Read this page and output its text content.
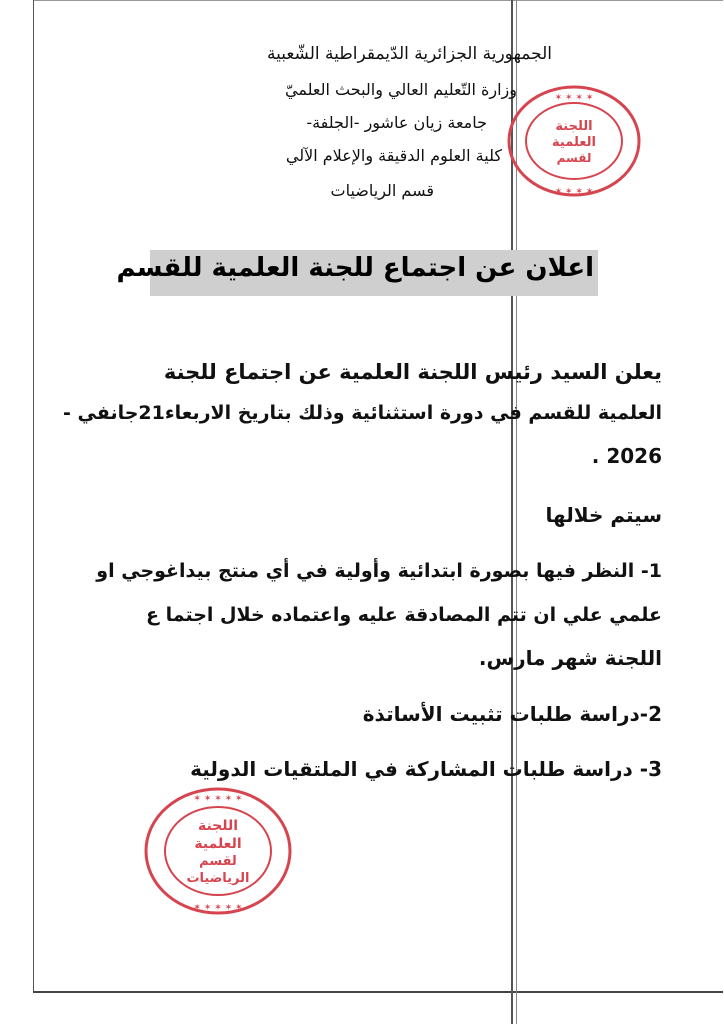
الجمهورية الجزائرية الدّيمقراطية الشّعبية
وزارة التّعليم العالي والبحث العلميّ
جامعة زيان عاشور -الجلفة-
كلية العلوم الدقيقة والإعلام الآلي
قسم الرياضيات
اعلان عن اجتماع للجنة العلمية للقسم
يعلن السيد رئيس اللجنة العلمية عن اجتماع للجنة
العلمية للقسم في دورة استثنائية وذلك بتاريخ الاربعاء21جانفي -
2026 .
سيتم خلالها
1- النظر فيها بصورة ابتدائية وأولية في أي منتج بيداغوجي او
علمي علي ان تتم المصادقة عليه واعتماده خلال اجتما ع
اللجنة شهر مارس.
2-دراسة طلبات تثبيت الأساتذة
3- دراسة طلبات المشاركة في الملتقيات الدولية
✶ ✶ ✶ ✶
✶ ✶ ✶ ✶
اللجنة
العلمية
لقسم
✶ ✶ ✶ ✶ ✶
✶ ✶ ✶ ✶ ✶
اللجنة
العلمية
لقسم
الرياضيات
